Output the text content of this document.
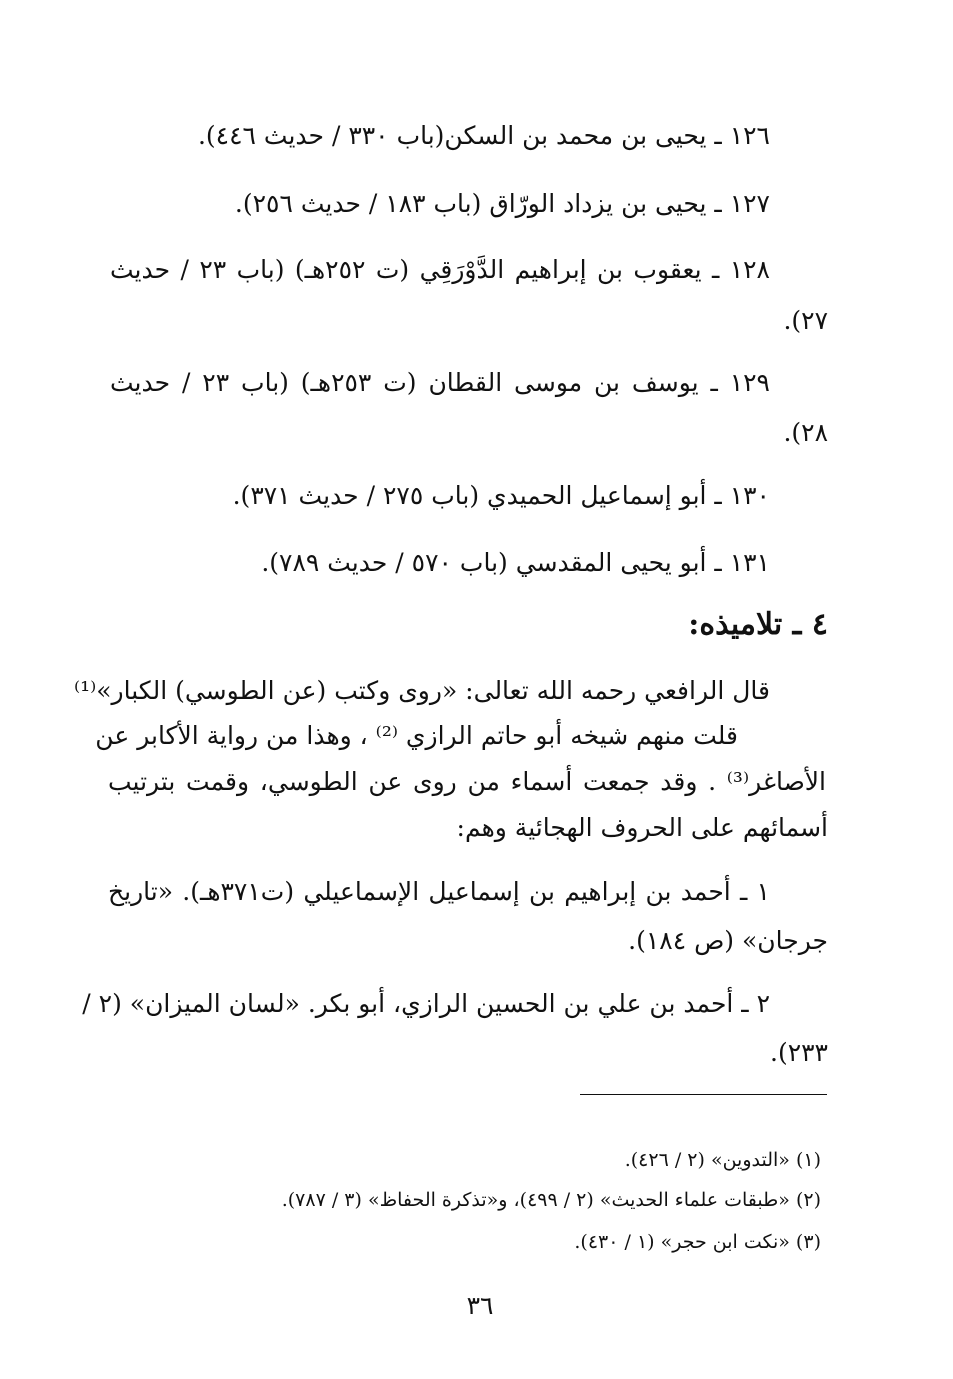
١٢٦ ـ يحيى بن محمد بن السكن(باب ٣٣٠ / حديث ٤٤٦).

١٢٧ ـ يحيى بن يزداد الورّاق (باب ١٨٣ / حديث ٢٥٦).

١٢٨ ـ يعقوب بن إبراهيم الدَّوْرَقِي (ت ٢٥٢هـ) (باب ٢٣ / حديث

٢٧).

١٢٩ ـ يوسف بن موسى القطان (ت ٢٥٣هـ) (باب ٢٣ / حديث

٢٨).

١٣٠ ـ أبو إسماعيل الحميدي (باب ٢٧٥ / حديث ٣٧١).

١٣١ ـ أبو يحيى المقدسي (باب ٥٧٠ / حديث ٧٨٩).

٤ ـ تلاميذه:

قال الرافعي رحمه الله تعالى: «روى وكتب (عن الطوسي) الكبار»⁽¹⁾

قلت منهم شيخه أبو حاتم الرازي ⁽²⁾ ، وهذا من رواية الأكابر عن

الأصاغر⁽³⁾ . وقد جمعت أسماء من روى عن الطوسي، وقمت بترتيب

أسمائهم على الحروف الهجائية وهم:

١ ـ أحمد بن إبراهيم بن إسماعيل الإسماعيلي (ت٣٧١هـ). «تاريخ

جرجان» (ص ١٨٤).

٢ ـ أحمد بن علي بن الحسين الرازي، أبو بكر. «لسان الميزان» (٢ /

٢٣٣).

(١) «التدوين» (٢ / ٤٢٦).

(٢) «طبقات علماء الحديث» (٢ / ٤٩٩)، و«تذكرة الحفاظ» (٣ / ٧٨٧).

(٣) «نكت ابن حجر» (١ / ٤٣٠).

٣٦
